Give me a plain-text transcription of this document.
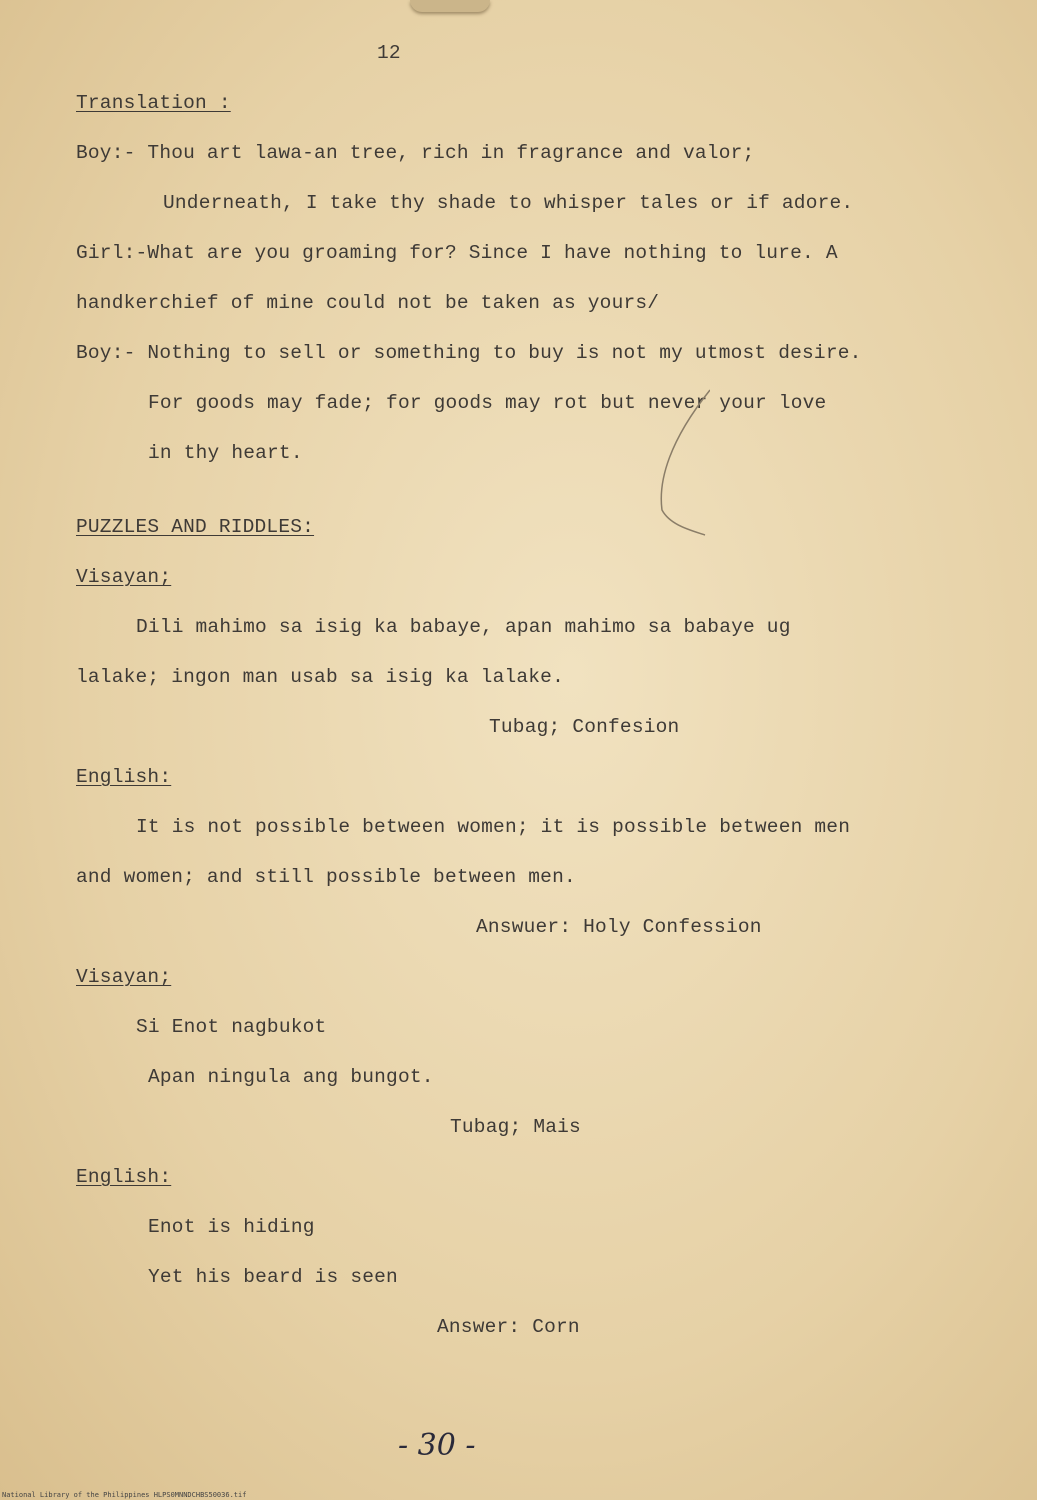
12
Translation :
Boy:- Thou art lawa-an tree, rich in fragrance and valor;
Underneath, I take thy shade to whisper tales or if adore.
Girl:-What are you groaming for? Since I have nothing to lure. A
handkerchief of mine could not be taken as yours/
Boy:- Nothing to sell or something to buy is not my utmost desire.
For goods may fade; for goods may rot but never your love
in thy heart.
PUZZLES AND RIDDLES:
Visayan;
Dili mahimo sa isig ka babaye, apan mahimo sa babaye ug
lalake; ingon man usab sa isig ka lalake.
Tubag; Confesion
English:
It is not possible between women; it is possible between men
and women; and still possible between men.
Answuer: Holy Confession
Visayan;
Si Enot nagbukot
Apan ningula ang bungot.
Tubag; Mais
English:
Enot is hiding
Yet his beard is seen
Answer: Corn
- 30 -
National Library of the Philippines HLPS0MNNDCHBS50036.tif
